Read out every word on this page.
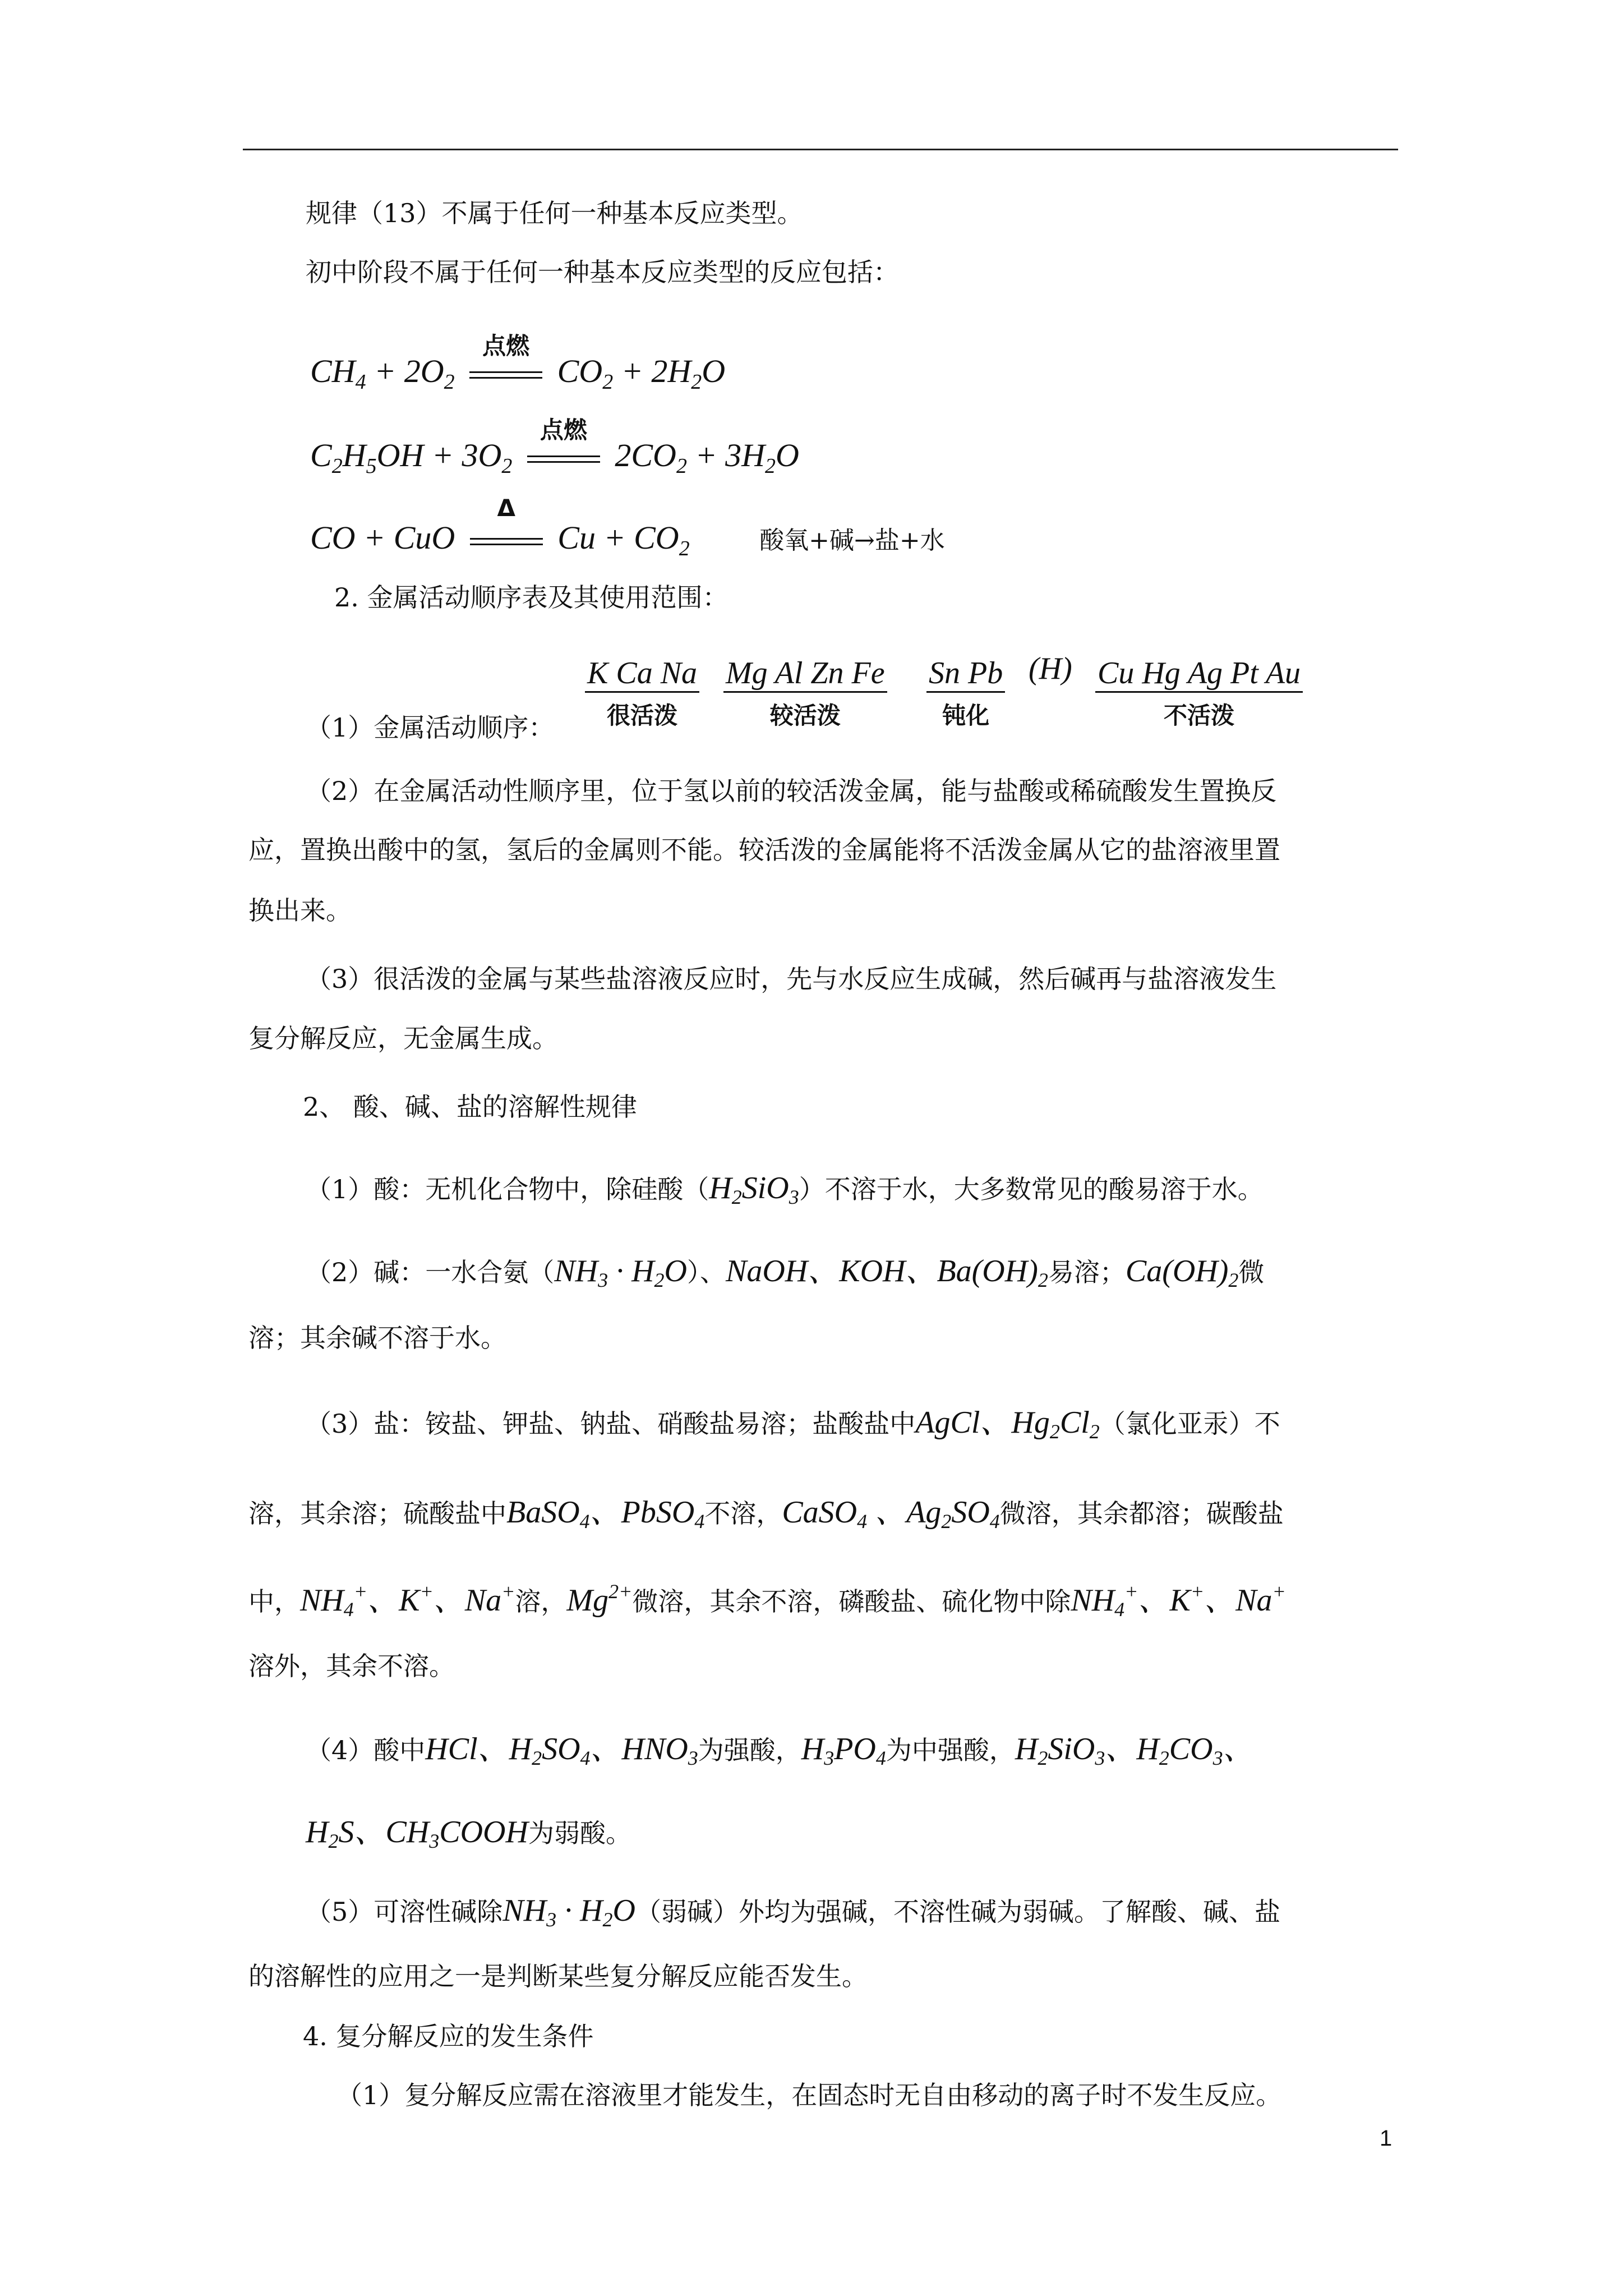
规律（13）不属于任何一种基本反应类型。
初中阶段不属于任何一种基本反应类型的反应包括：
$CH_4 + 2O_2$
点燃
$CO_2 + 2H_2O$
$C_2H_5OH + 3O_2$
点燃
$2CO_2 + 3H_2O$
CO + CuO
Δ
$Cu + CO_2$	酸氧+碱→盐+水
2. 金属活动顺序表及其使用范围：
（1）金属活动顺序：
K Ca Na
很活泼
Mg Al Zn Fe
较活泼
Sn Pb
钝化
(H) Cu Hg Ag Pt Au
不活泼
（2）在金属活动性顺序里，位于氢以前的较活泼金属，能与盐酸或稀硫酸发生置换反
应，置换出酸中的氢，氢后的金属则不能。较活泼的金属能将不活泼金属从它的盐溶液里置
换出来。
（3）很活泼的金属与某些盐溶液反应时，先与水反应生成碱，然后碱再与盐溶液发生
复分解反应，无金属生成。
2、 酸、碱、盐的溶解性规律
（1）酸：无机化合物中，除硅酸$(H_2SiO_3)$不溶于水，大多数常见的酸易溶于水。
（2）碱：一水合氨$(NH_3 \cdot H_2O)$、NaOH、KOH、$Ba(OH)_2$易溶；$Ca(OH)_2$微
溶；其余碱不溶于水。
（3）盐：铵盐、钾盐、钠盐、硝酸盐易溶；盐酸盐中AgCl、$Hg_2Cl_2$（氯化亚汞）不
溶，其余溶；硫酸盐中BaSO$_4$、PbSO$_4$不溶，CaSO$_4$ 、$Ag_2SO_4$微溶，其余都溶；碳酸盐
中，$NH_4^+$、K+、Na+溶，$Mg^{2+}$微溶，其余不溶，磷酸盐、硫化物中除$NH_4^+$、K+、Na+
溶外，其余不溶。
（4）酸中HCl、$H_2SO_4$、$HNO_3$为强酸，$H_3PO_4$为中强酸，$H_2SiO_3$、$H_2CO_3$、
$H_2S$、$CH_3COOH$为弱酸。
（5）可溶性碱除$NH_3 \cdot H_2O$（弱碱）外均为强碱，不溶性碱为弱碱。了解酸、碱、盐
的溶解性的应用之一是判断某些复分解反应能否发生。
4. 复分解反应的发生条件
（1）复分解反应需在溶液里才能发生，在固态时无自由移动的离子时不发生反应。
1
